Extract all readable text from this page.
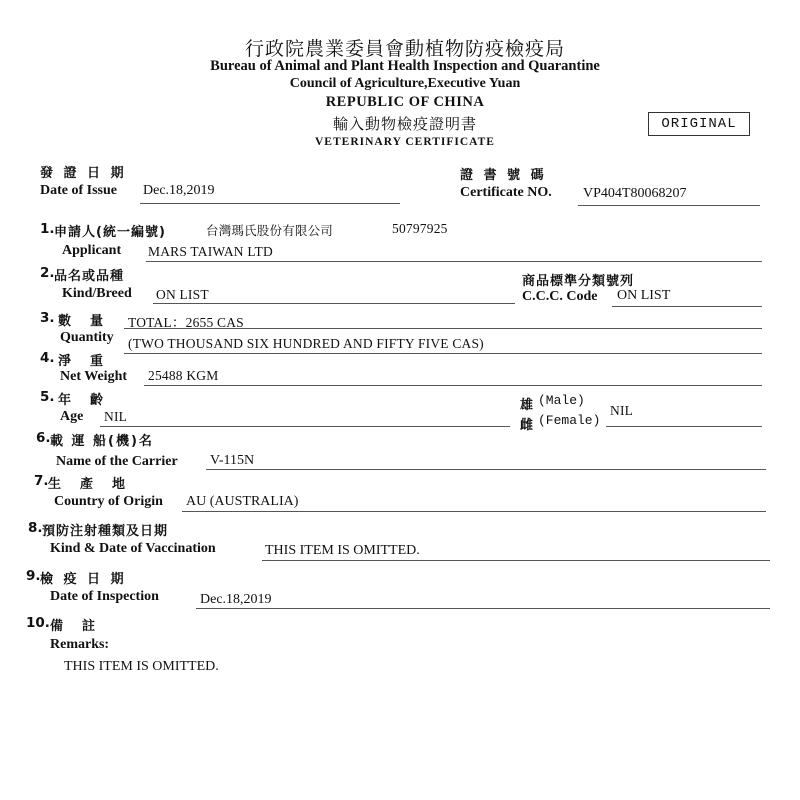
行政院農業委員會動植物防疫檢疫局
Bureau of Animal and Plant Health Inspection and Quarantine
Council of Agriculture,Executive Yuan
REPUBLIC OF CHINA
輸入動物檢疫證明書
VETERINARY CERTIFICATE
ORIGINAL
發 證 日 期
Date of Issue Dec.18,2019
證 書 號 碼
Certificate NO. VP404T80068207
1. 申請人(統一編號)	台灣瑪氏股份有限公司	50797925
Applicant MARS TAIWAN LTD
2. 品名或品種
Kind/Breed ON LIST
商品標準分類號列
C.C.C. Code ON LIST
3. 數　量 TOTAL：2655 CAS
Quantity (TWO THOUSAND SIX HUNDRED AND FIFTY FIVE CAS)
4. 淨　重
Net Weight 25488 KGM
5. 年　齡
Age NIL
雄 (Male)
雌 (Female)
NIL
6. 載 運 船(機)名
Name of the Carrier V-115N
7. 生　產　地
Country of Origin AU (AUSTRALIA)
8. 預防注射種類及日期
Kind & Date of Vaccination	THIS ITEM IS OMITTED.
9. 檢 疫 日 期
Date of Inspection	Dec.18,2019
10. 備　註
Remarks:
THIS ITEM IS OMITTED.
